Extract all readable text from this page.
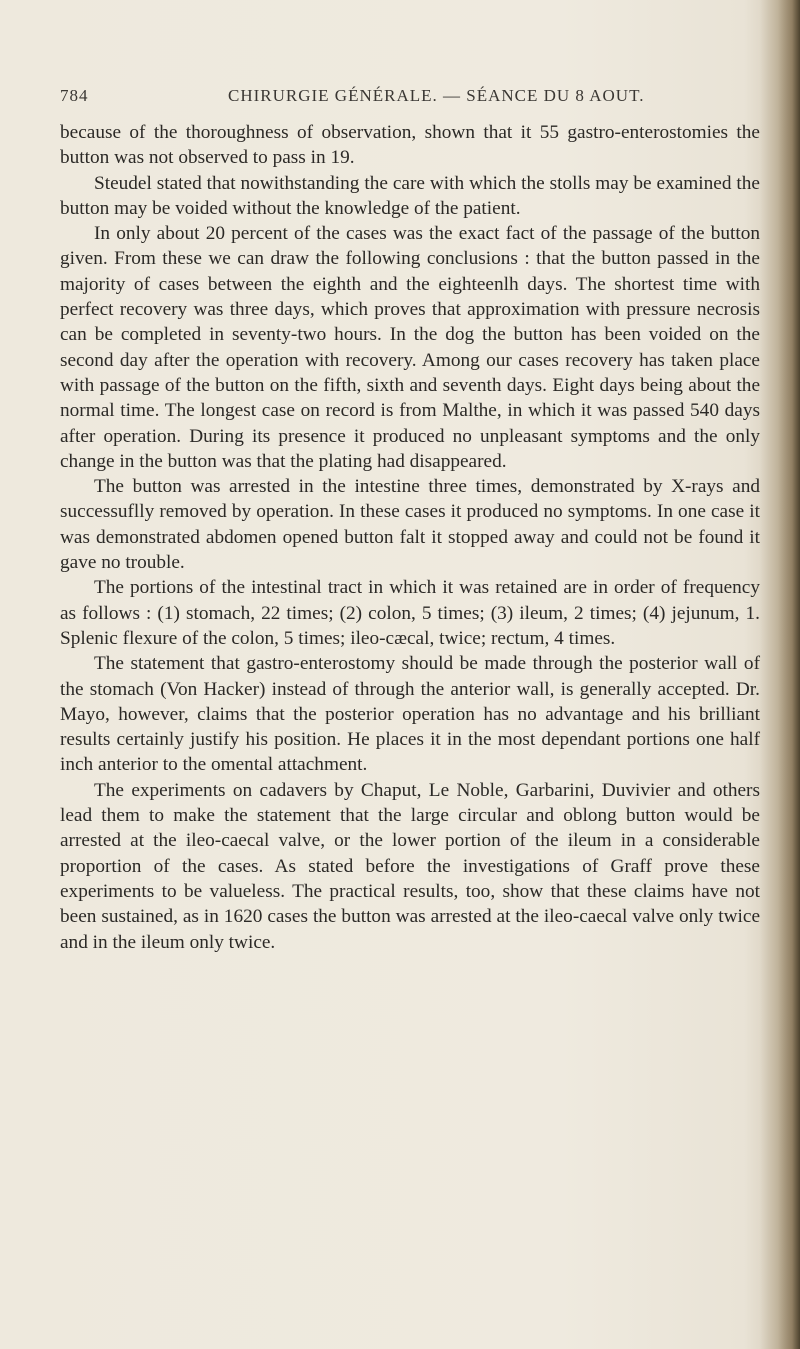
784	CHIRURGIE GÉNÉRALE. — SÉANCE DU 8 AOUT.

because of the thoroughness of observation, shown that it 55 gastro-enterostomies the button was not observed to pass in 19.

Steudel stated that nowithstanding the care with which the stolls may be examined the button may be voided without the knowledge of the patient.

In only about 20 percent of the cases was the exact fact of the passage of the button given. From these we can draw the following conclusions : that the button passed in the majority of cases between the eighth and the eighteenlh days. The shortest time with perfect recovery was three days, which proves that approximation with pressure necrosis can be completed in seventy-two hours. In the dog the button has been voided on the second day after the operation with recovery. Among our cases recovery has taken place with passage of the button on the fifth, sixth and seventh days. Eight days being about the normal time. The longest case on record is from Malthe, in which it was passed 540 days after operation. During its presence it produced no unpleasant symptoms and the only change in the button was that the plating had disappeared.

The button was arrested in the intestine three times, demonstrated by X-rays and successuflly removed by operation. In these cases it produced no symptoms. In one case it was demonstrated abdomen opened button falt it stopped away and could not be found it gave no trouble.

The portions of the intestinal tract in which it was retained are in order of frequency as follows : (1) stomach, 22 times; (2) colon, 5 times; (3) ileum, 2 times; (4) jejunum, 1. Splenic flexure of the colon, 5 times; ileo-cæcal, twice; rectum, 4 times.

The statement that gastro-enterostomy should be made through the posterior wall of the stomach (Von Hacker) instead of through the anterior wall, is generally accepted. Dr. Mayo, however, claims that the posterior operation has no advantage and his brilliant results certainly justify his position. He places it in the most dependant portions one half inch anterior to the omental attachment.

The experiments on cadavers by Chaput, Le Noble, Garbarini, Duvivier and others lead them to make the statement that the large circular and oblong button would be arrested at the ileo-caecal valve, or the lower portion of the ileum in a considerable proportion of the cases. As stated before the investigations of Graff prove these experiments to be valueless. The practical results, too, show that these claims have not been sustained, as in 1620 cases the button was arrested at the ileo-caecal valve only twice and in the ileum only twice.
